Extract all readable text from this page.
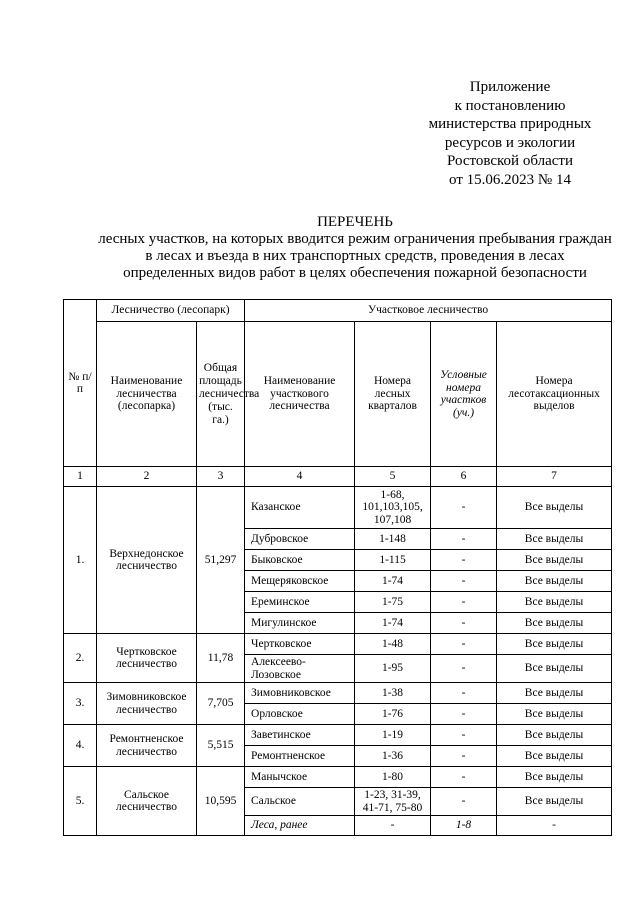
Приложение
к постановлению
министерства природных
ресурсов и экологии
Ростовской области
от 15.06.2023 № 14
ПЕРЕЧЕНЬ
лесных участков, на которых вводится режим ограничения пребывания граждан
в лесах и въезда в них транспортных средств, проведения в лесах
определенных видов работ в целях обеспечения пожарной безопасности
№ п/п	Лесничество (лесопарк)		Участковое лесничество			
	Наименование лесничества (лесопарка)	Общая площадь лесничества (тыс. га.)	Наименование участкового лесничества	Номера лесных кварталов	Условные номера участков (уч.)	Номера лесотаксационных выделов
1	2	3	4	5	6	7
1.	Верхнедонское лесничество	51,297	Казанское	1-68, 101,103,105, 107,108	-	Все выделы
			Дубровское	1-148	-	Все выделы
			Быковское	1-115	-	Все выделы
			Мещеряковское	1-74	-	Все выделы
			Ереминское	1-75	-	Все выделы
			Мигулинское	1-74	-	Все выделы
2.	Чертковское лесничество	11,78	Чертковское	1-48	-	Все выделы
			Алексеево-Лозовское	1-95	-	Все выделы
3.	Зимовниковское лесничество	7,705	Зимовниковское	1-38	-	Все выделы
			Орловское	1-76	-	Все выделы
4.	Ремонтненское лесничество	5,515	Заветинское	1-19	-	Все выделы
			Ремонтненское	1-36	-	Все выделы
5.	Сальское лесничество	10,595	Манычское	1-80	-	Все выделы
			Сальское	1-23, 31-39, 41-71, 75-80	-	Все выделы
			Леса, ранее	-	1-8	-
